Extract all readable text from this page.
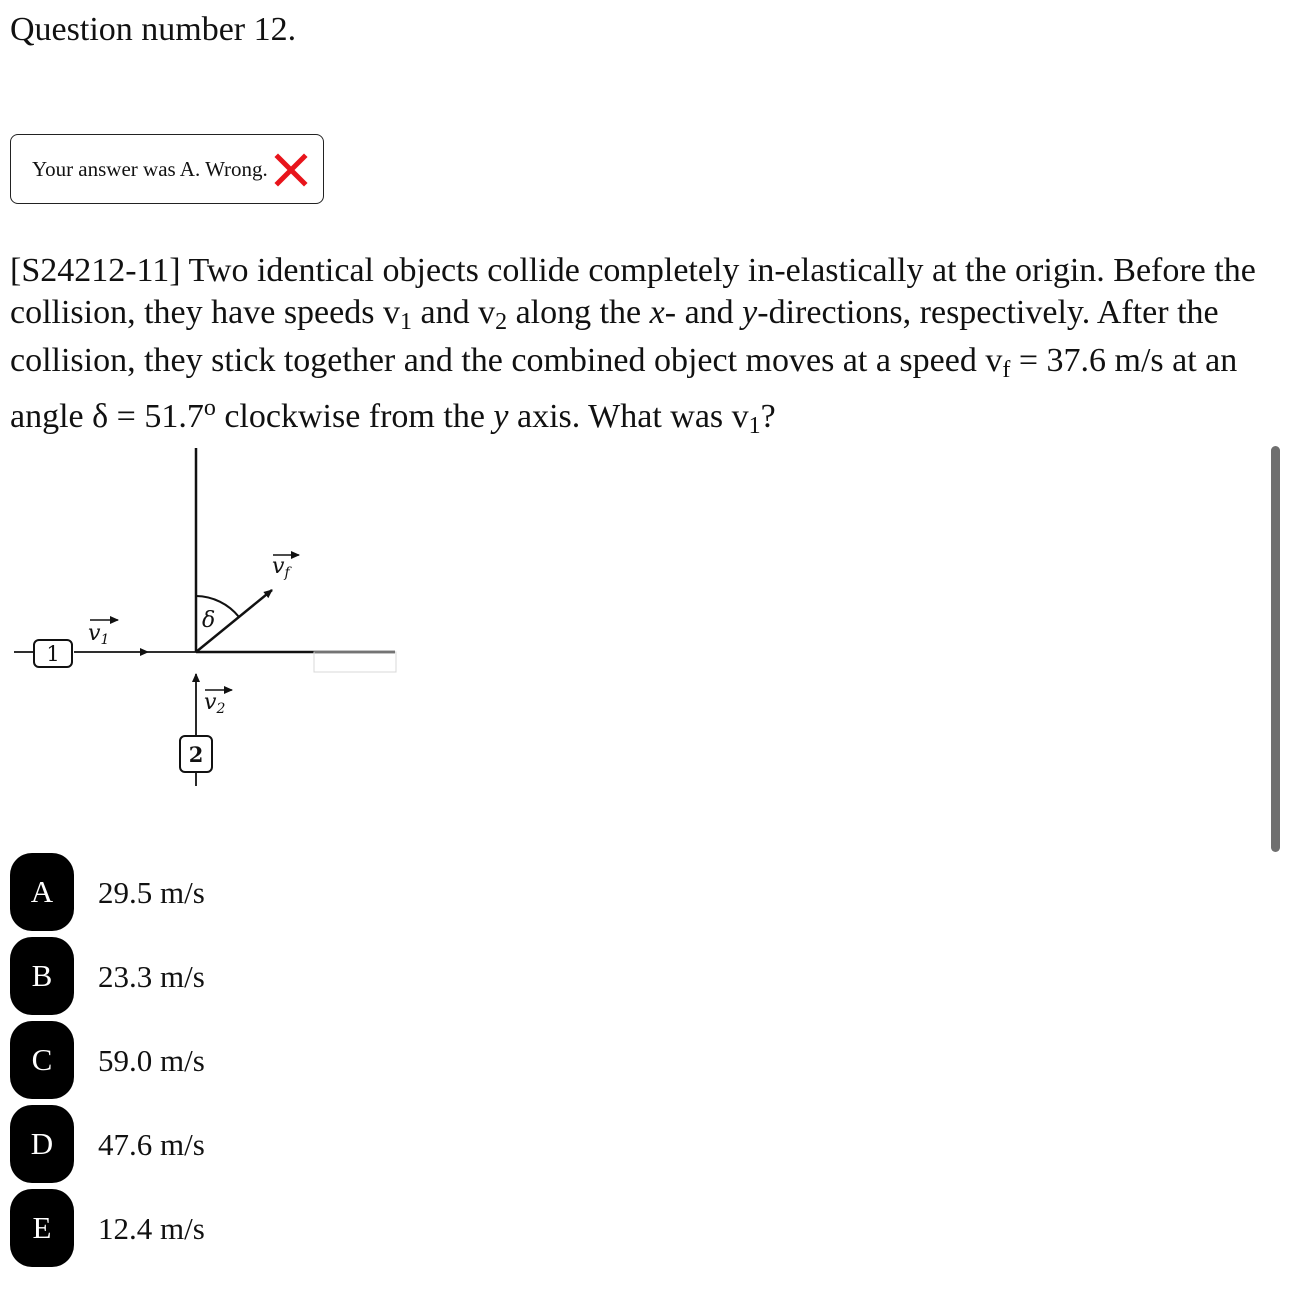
Question number 12.
Your answer was A. Wrong.
[S24212-11] Two identical objects collide completely in-elastically at the origin. Before the
collision, they have speeds $v_1$ and $v_2$ along the x- and y-directions, respectively. After the
collision, they stick together and the combined object moves at a speed $v_f = 37.6$ m/s at an
angle $\delta = 51.7^o$ clockwise from the y axis. What was $v_1$?
1
2
δ
v1
v2
vf
A	29.5 m/s
B	23.3 m/s
C	59.0 m/s
D	47.6 m/s
E	12.4 m/s
